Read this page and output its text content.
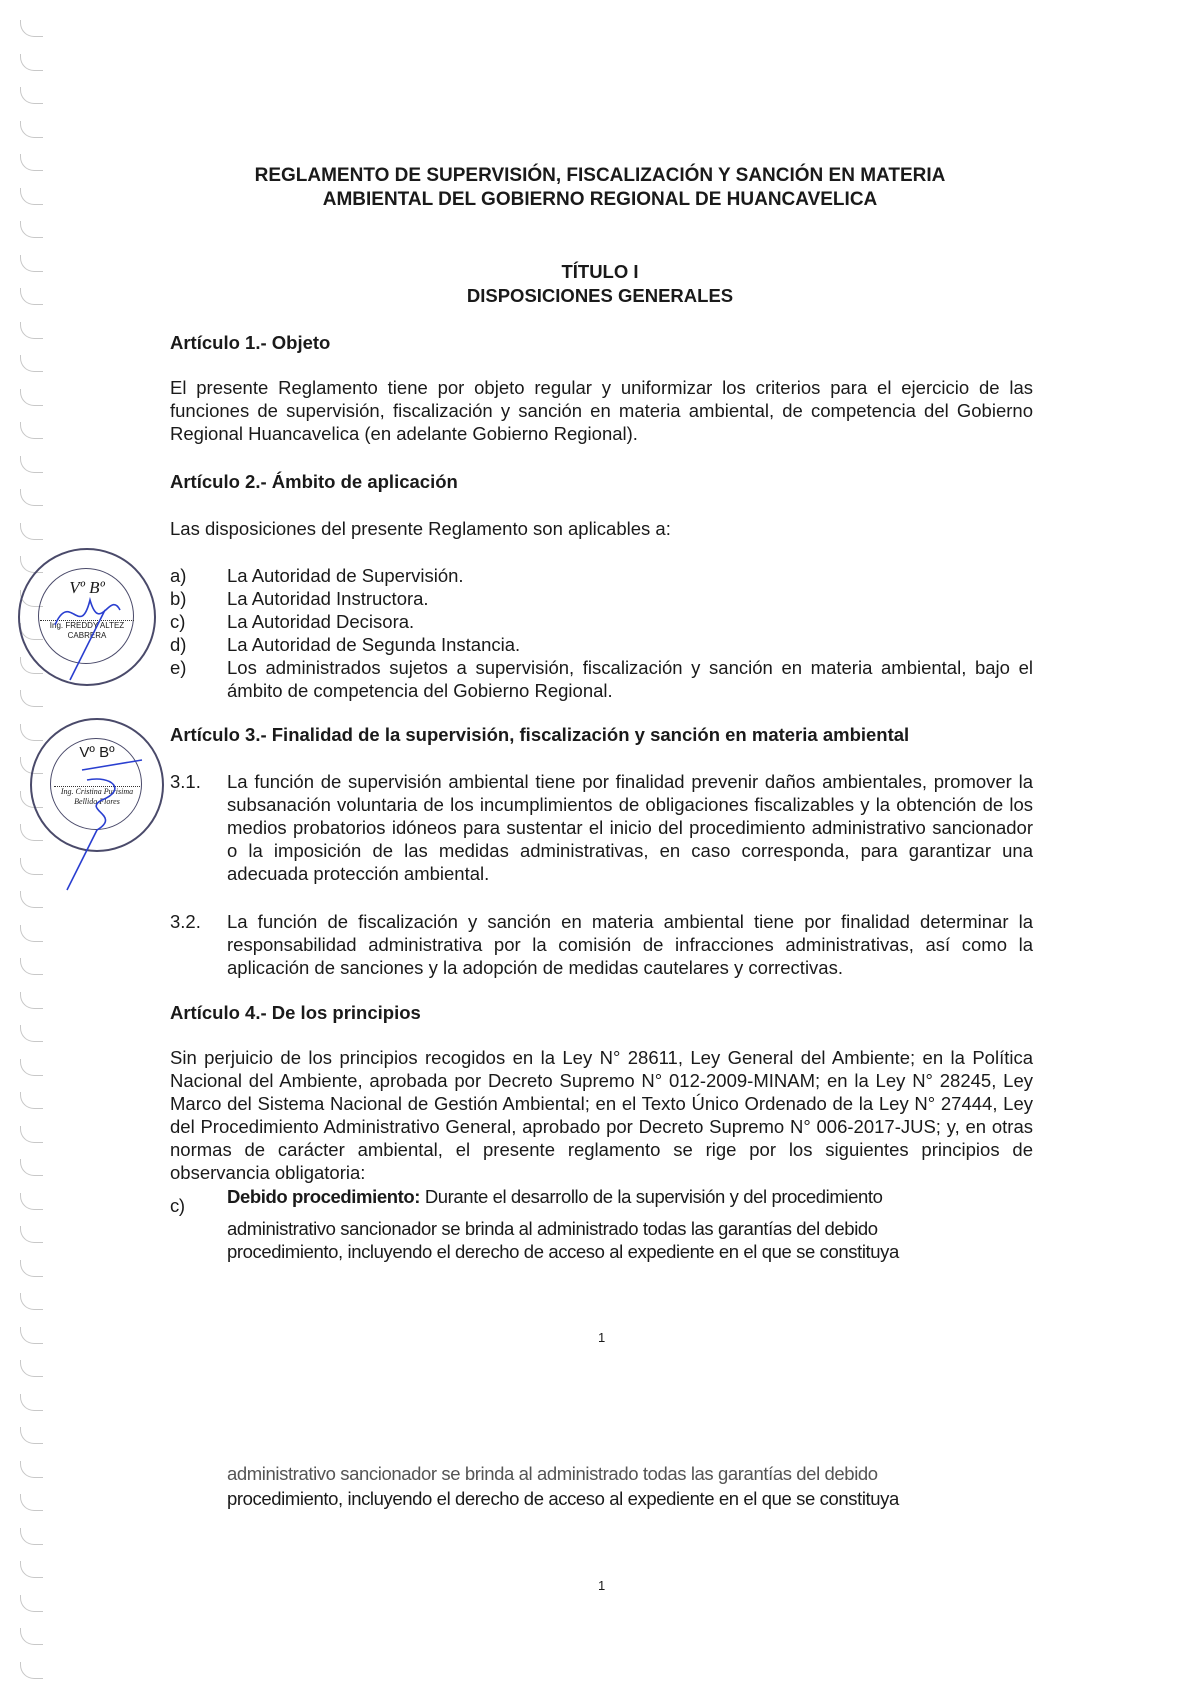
REGLAMENTO DE SUPERVISIÓN, FISCALIZACIÓN Y SANCIÓN EN MATERIA
AMBIENTAL DEL GOBIERNO REGIONAL DE HUANCAVELICA
TÍTULO I
DISPOSICIONES GENERALES
Artículo 1.- Objeto
El presente Reglamento tiene por objeto regular y uniformizar los criterios para el ejercicio de las funciones de supervisión, fiscalización y sanción en materia ambiental, de competencia del Gobierno Regional Huancavelica (en adelante Gobierno Regional).
Artículo 2.- Ámbito de aplicación
Las disposiciones del presente Reglamento son aplicables a:
a) La Autoridad de Supervisión.
b) La Autoridad Instructora.
c) La Autoridad Decisora.
d) La Autoridad de Segunda Instancia.
e) Los administrados sujetos a supervisión, fiscalización y sanción en materia ambiental, bajo el ámbito de competencia del Gobierno Regional.
Artículo 3.- Finalidad de la supervisión, fiscalización y sanción en materia ambiental
3.1. La función de supervisión ambiental tiene por finalidad prevenir daños ambientales, promover la subsanación voluntaria de los incumplimientos de obligaciones fiscalizables y la obtención de los medios probatorios idóneos para sustentar el inicio del procedimiento administrativo sancionador o la imposición de las medidas administrativas, en caso corresponda, para garantizar una adecuada protección ambiental.
3.2. La función de fiscalización y sanción en materia ambiental tiene por finalidad determinar la responsabilidad administrativa por la comisión de infracciones administrativas, así como la aplicación de sanciones y la adopción de medidas cautelares y correctivas.
Artículo 4.- De los principios
Sin perjuicio de los principios recogidos en la Ley N° 28611, Ley General del Ambiente; en la Política Nacional del Ambiente, aprobada por Decreto Supremo N° 012-2009-MINAM; en la Ley N° 28245, Ley Marco del Sistema Nacional de Gestión Ambiental; en el Texto Único Ordenado de la Ley N° 27444, Ley del Procedimiento Administrativo General, aprobado por Decreto Supremo N° 006-2017-JUS; y, en otras normas de carácter ambiental, el presente reglamento se rige por los siguientes principios de observancia obligatoria:
c) Debido procedimiento: Durante el desarrollo de la supervisión y del procedimiento
administrativo sancionador se brinda al administrado todas las garantías del debido
procedimiento, incluyendo el derecho de acceso al expediente en el que se constituya
1
administrativo sancionador se brinda al administrado todas las garantías del debido
procedimiento, incluyendo el derecho de acceso al expediente en el que se constituya
1
Vº Bº
Ing. FREDDY ALTEZ CABRERA
Vº Bº
Ing. Cristina Purisima Bellido Flores
